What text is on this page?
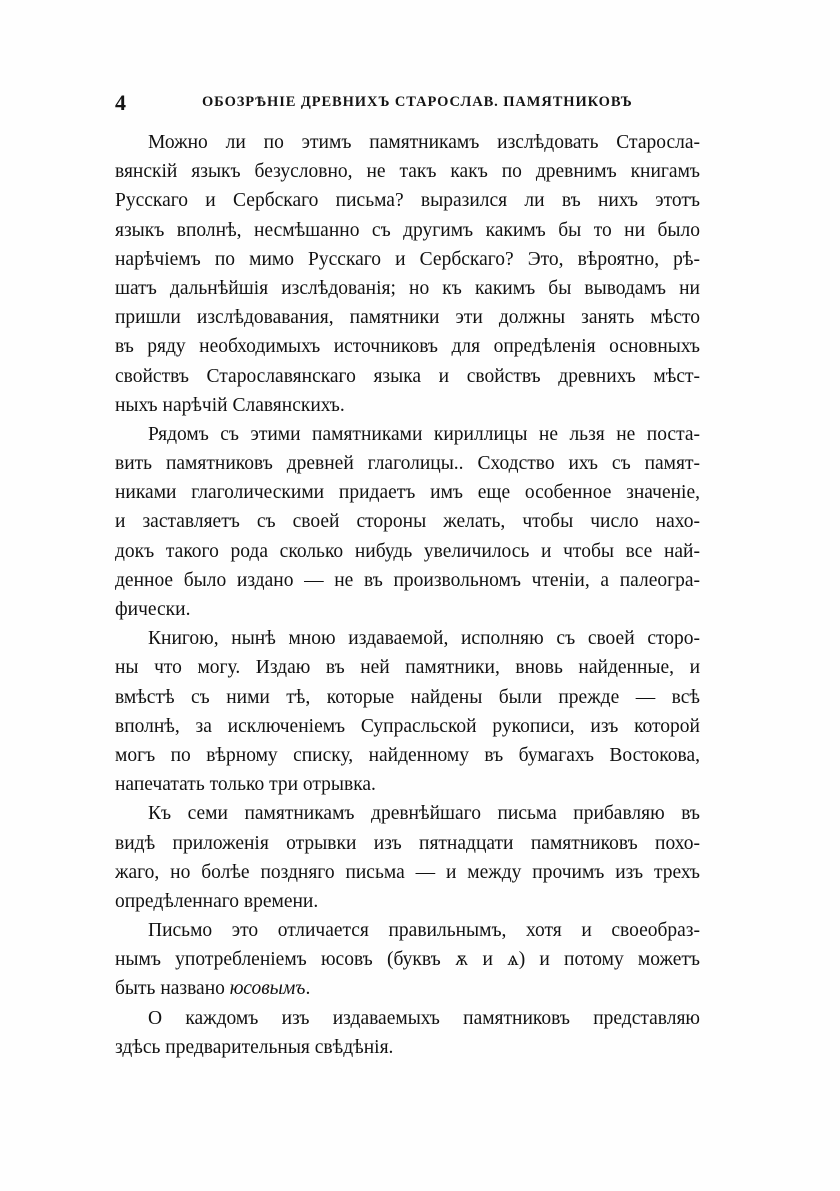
4	ОБОЗРѢНІЕ ДРЕВНИХЪ СТАРОСЛАВ. ПАМЯТНИКОВЪ
Можно ли по этимъ памятникамъ изслѣдовать Старосла-
вянскій языкъ безусловно, не такъ какъ по древнимъ книгамъ
Русскаго и Сербскаго письма? выразился ли въ нихъ этотъ
языкъ вполнѣ, несмѣшанно съ другимъ какимъ бы то ни было
нарѣчіемъ по мимо Русскаго и Сербскаго? Это, вѣроятно, рѣ-
шатъ дальнѣйшія изслѣдованія; но къ какимъ бы выводамъ ни
пришли изслѣдовавания, памятники эти должны занять мѣсто
въ ряду необходимыхъ источниковъ для опредѣленія основныхъ
свойствъ Старославянскаго языка и свойствъ древнихъ мѣст-
ныхъ нарѣчій Славянскихъ.
Рядомъ съ этими памятниками кириллицы не льзя не поста-
вить памятниковъ древней глаголицы.. Сходство ихъ съ памят-
никами глаголическими придаетъ имъ еще особенное значеніе,
и заставляетъ съ своей стороны желать, чтобы число нахо-
докъ такого рода сколько нибудь увеличилось и чтобы все най-
денное было издано — не въ произвольномъ чтеніи, а палеогра-
фически.
Книгою, нынѣ мною издаваемой, исполняю съ своей сторо-
ны что могу. Издаю въ ней памятники, вновь найденные, и
вмѣстѣ съ ними тѣ, которые найдены были прежде — всѣ
вполнѣ, за исключеніемъ Супрасльской рукописи, изъ которой
могъ по вѣрному списку, найденному въ бумагахъ Востокова,
напечатать только три отрывка.
Къ семи памятникамъ древнѣйшаго письма прибавляю въ
видѣ приложенія отрывки изъ пятнадцати памятниковъ похо-
жаго, но болѣе поздняго письма — и между прочимъ изъ трехъ
опредѣленнаго времени.
Письмо это отличается правильнымъ, хотя и своеобраз-
нымъ употребленіемъ юсовъ (буквъ ѫ и ѧ) и потому можетъ
быть названо юсовымъ.
О каждомъ изъ издаваемыхъ памятниковъ представляю
здѣсь предварительныя свѣдѣнія.
